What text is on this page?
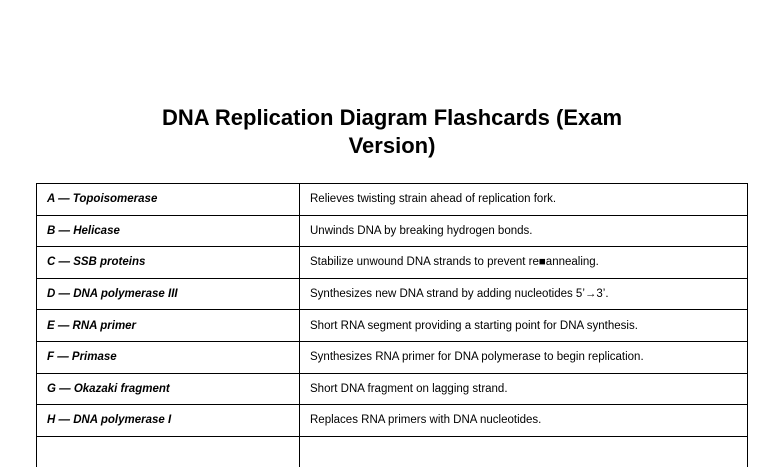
DNA Replication Diagram Flashcards (Exam
Version)
A — Topoisomerase	Relieves twisting strain ahead of replication fork.
B — Helicase	Unwinds DNA by breaking hydrogen bonds.
C — SSB proteins	Stabilize unwound DNA strands to prevent re■annealing.
D — DNA polymerase III	Synthesizes new DNA strand by adding nucleotides 5’→3’.
E — RNA primer	Short RNA segment providing a starting point for DNA synthesis.
F — Primase	Synthesizes RNA primer for DNA polymerase to begin replication.
G — Okazaki fragment	Short DNA fragment on lagging strand.
H — DNA polymerase I	Replaces RNA primers with DNA nucleotides.
